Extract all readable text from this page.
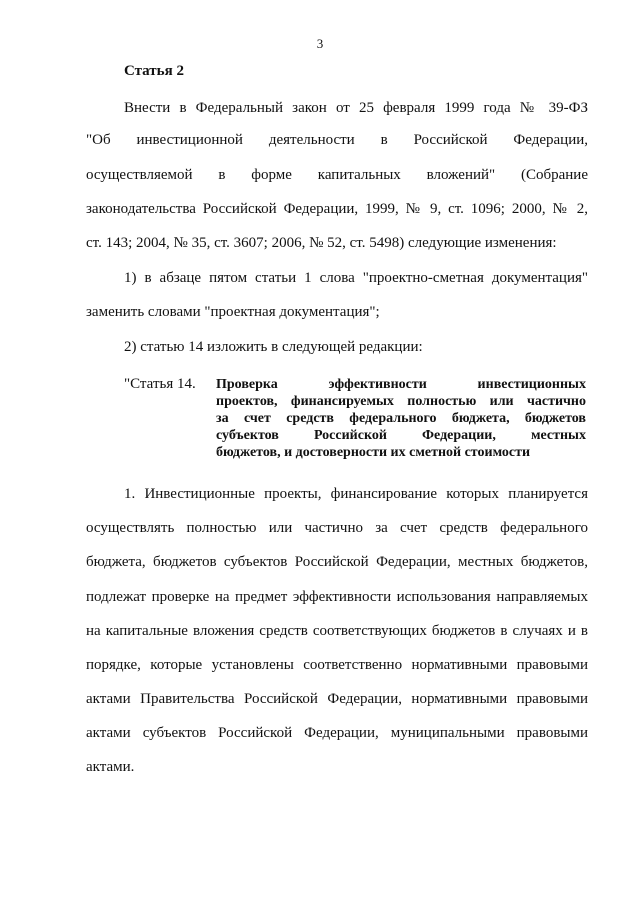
3
Статья 2
Внести в Федеральный закон от 25 февраля 1999 года № 39-ФЗ
"Об инвестиционной деятельности в Российской Федерации,
осуществляемой в форме капитальных вложений" (Собрание
законодательства Российской Федерации, 1999, № 9, ст. 1096; 2000, № 2,
ст. 143; 2004, № 35, ст. 3607; 2006, № 52, ст. 5498) следующие изменения:
1) в абзаце пятом статьи 1 слова "проектно-сметная документация"
заменить словами "проектная документация";
2) статью 14 изложить в следующей редакции:
"Статья 14. Проверка эффективности инвестиционных
проектов, финансируемых полностью или частично
за счет средств федерального бюджета, бюджетов
субъектов Российской Федерации, местных
бюджетов, и достоверности их сметной стоимости
1. Инвестиционные проекты, финансирование которых планируется
осуществлять полностью или частично за счет средств федерального
бюджета, бюджетов субъектов Российской Федерации, местных бюджетов,
подлежат проверке на предмет эффективности использования направляемых
на капитальные вложения средств соответствующих бюджетов в случаях и в
порядке, которые установлены соответственно нормативными правовыми
актами Правительства Российской Федерации, нормативными правовыми
актами субъектов Российской Федерации, муниципальными правовыми
актами.
